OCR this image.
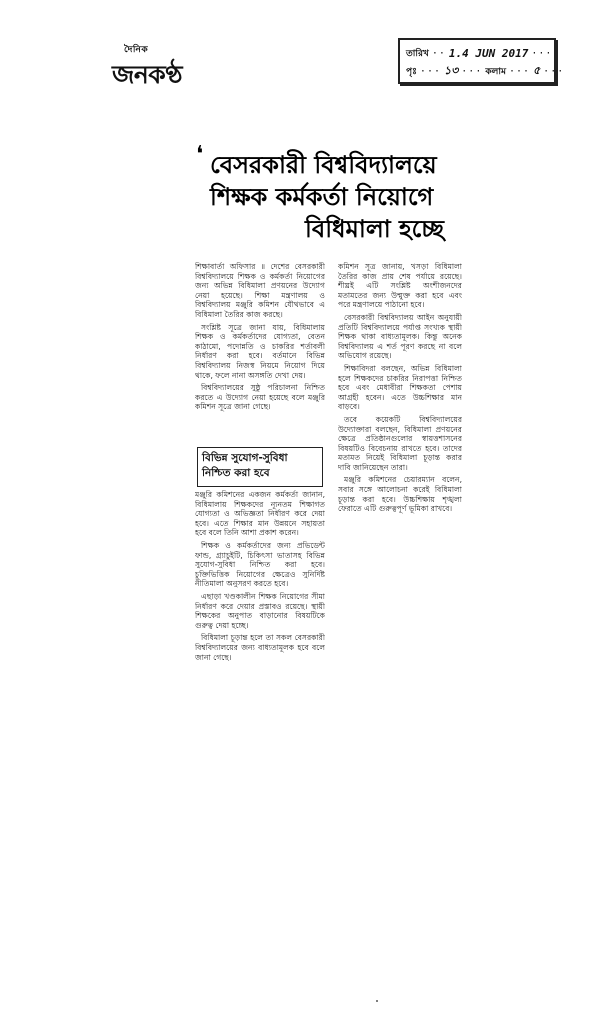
দৈনিক
জনকণ্ঠ
তারিখ ·· 1.4 JUN 2017 ···
পৃঃ ··· ১৩ ··· কলাম ··· ৫ ···
❛ বেসরকারী বিশ্ববিদ্যালয়ে
শিক্ষক কর্মকর্তা নিয়োগে
বিধিমালা হচ্ছে

শিক্ষাবার্তা অফিসার ॥ দেশের বেসরকারী বিশ্ববিদ্যালয়ে শিক্ষক ও কর্মকর্তা নিয়োগের জন্য অভিন্ন বিধিমালা প্রণয়নের উদ্যোগ নেয়া হয়েছে। শিক্ষা মন্ত্রণালয় ও বিশ্ববিদ্যালয় মঞ্জুরি কমিশন যৌথভাবে এ বিধিমালা তৈরির কাজ করছে।

সংশ্লিষ্ট সূত্রে জানা যায়, বিধিমালায় শিক্ষক ও কর্মকর্তাদের যোগ্যতা, বেতন কাঠামো, পদোন্নতি ও চাকরির শর্তাবলী নির্ধারণ করা হবে। বর্তমানে বিভিন্ন বিশ্ববিদ্যালয় নিজস্ব নিয়মে নিয়োগ দিয়ে থাকে, ফলে নানা অসঙ্গতি দেখা দেয়।

বিশ্ববিদ্যালয়ের সুষ্ঠু পরিচালনা নিশ্চিত করতে এ উদ্যোগ নেয়া হয়েছে বলে মঞ্জুরি কমিশন সূত্রে জানা গেছে।

বিভিন্ন সুযোগ-সুবিধা
নিশ্চিত করা হবে

মঞ্জুরি কমিশনের একজন কর্মকর্তা জানান, বিধিমালায় শিক্ষকদের ন্যূনতম শিক্ষাগত যোগ্যতা ও অভিজ্ঞতা নির্ধারণ করে দেয়া হবে। এতে শিক্ষার মান উন্নয়নে সহায়তা হবে বলে তিনি আশা প্রকাশ করেন।

শিক্ষক ও কর্মকর্তাদের জন্য প্রভিডেন্ট ফান্ড, গ্র্যাচুইটি, চিকিৎসা ভাতাসহ বিভিন্ন সুযোগ-সুবিধা নিশ্চিত করা হবে। চুক্তিভিত্তিক নিয়োগের ক্ষেত্রেও সুনির্দিষ্ট নীতিমালা অনুসরণ করতে হবে।

এছাড়া খণ্ডকালীন শিক্ষক নিয়োগের সীমা নির্ধারণ করে দেয়ার প্রস্তাবও রয়েছে। স্থায়ী শিক্ষকের অনুপাত বাড়ানোর বিষয়টিকে গুরুত্ব দেয়া হচ্ছে।

বিধিমালা চূড়ান্ত হলে তা সকল বেসরকারী বিশ্ববিদ্যালয়ের জন্য বাধ্যতামূলক হবে বলে জানা গেছে।

কমিশন সূত্র জানায়, খসড়া বিধিমালা তৈরির কাজ প্রায় শেষ পর্যায়ে রয়েছে। শীঘ্রই এটি সংশ্লিষ্ট অংশীজনদের মতামতের জন্য উন্মুক্ত করা হবে এবং পরে মন্ত্রণালয়ে পাঠানো হবে।

বেসরকারী বিশ্ববিদ্যালয় আইন অনুযায়ী প্রতিটি বিশ্ববিদ্যালয়ে পর্যাপ্ত সংখ্যক স্থায়ী শিক্ষক থাকা বাধ্যতামূলক। কিন্তু অনেক বিশ্ববিদ্যালয় এ শর্ত পূরণ করছে না বলে অভিযোগ রয়েছে।

শিক্ষাবিদরা বলছেন, অভিন্ন বিধিমালা হলে শিক্ষকদের চাকরির নিরাপত্তা নিশ্চিত হবে এবং মেধাবীরা শিক্ষকতা পেশায় আগ্রহী হবেন। এতে উচ্চশিক্ষার মান বাড়বে।

তবে কয়েকটি বিশ্ববিদ্যালয়ের উদ্যোক্তারা বলছেন, বিধিমালা প্রণয়নের ক্ষেত্রে প্রতিষ্ঠানগুলোর স্বায়ত্তশাসনের বিষয়টিও বিবেচনায় রাখতে হবে। তাদের মতামত নিয়েই বিধিমালা চূড়ান্ত করার দাবি জানিয়েছেন তারা।

মঞ্জুরি কমিশনের চেয়ারম্যান বলেন, সবার সঙ্গে আলোচনা করেই বিধিমালা চূড়ান্ত করা হবে। উচ্চশিক্ষায় শৃঙ্খলা ফেরাতে এটি গুরুত্বপূর্ণ ভূমিকা রাখবে।
